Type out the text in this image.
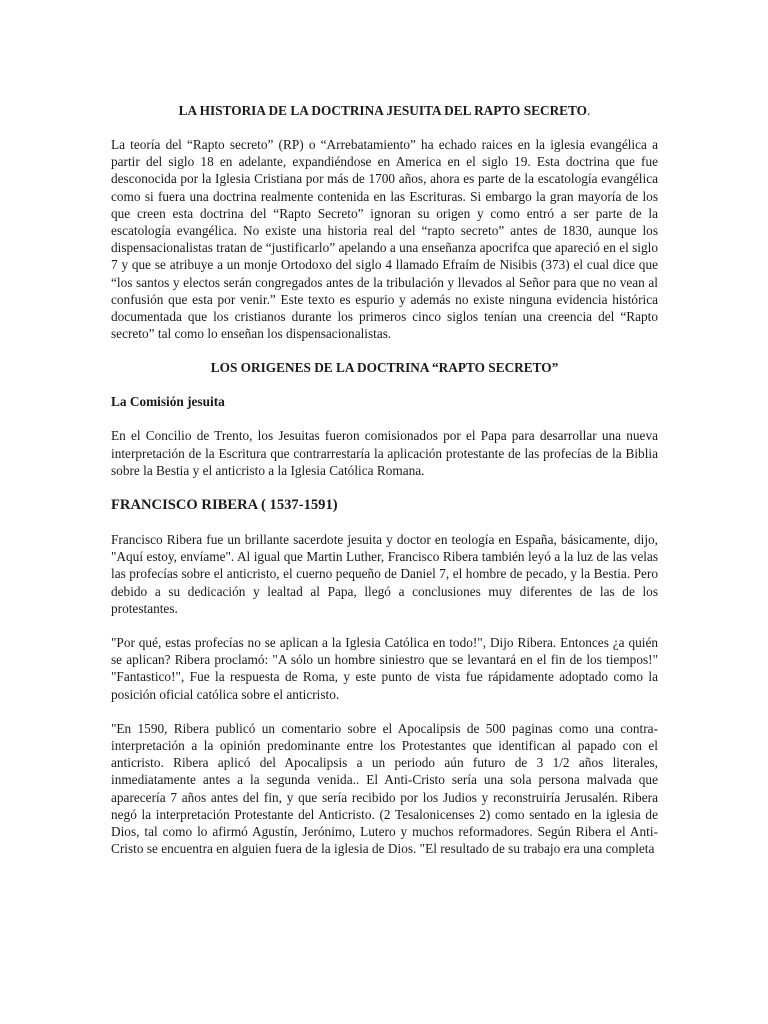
LA HISTORIA DE LA DOCTRINA JESUITA DEL RAPTO SECRETO.

La teoría del “Rapto secreto” (RP) o “Arrebatamiento” ha echado raices en la iglesia evangélica a partir del siglo 18 en adelante, expandiéndose en America en el siglo 19. Esta doctrina que fue desconocida por la Iglesia Cristiana por más de 1700 años, ahora es parte de la escatología evangélica como si fuera una doctrina realmente contenida en las Escrituras. Si embargo la gran mayoría de los que creen esta doctrina del “Rapto Secreto” ignoran su origen y como entró a ser parte de la escatología evangélica. No existe una historia real del “rapto secreto” antes de 1830, aunque los dispensacionalistas tratan de “justificarlo” apelando a una enseñanza apocrifca que apareció en el siglo 7 y que se atribuye a un monje Ortodoxo del siglo 4 llamado Efraím de Nisibis (373) el cual dice que “los santos y electos serán congregados antes de la tribulación y llevados al Señor para que no vean al confusión que esta por venir.” Este texto es espurio y además no existe ninguna evidencia histórica documentada que los cristianos durante los primeros cinco siglos tenían una creencia del “Rapto secreto” tal como lo enseñan los dispensacionalistas.

LOS ORIGENES DE LA DOCTRINA “RAPTO SECRETO”

La Comisión jesuita

En el Concilio de Trento, los Jesuitas fueron comisionados por el Papa para desarrollar una nueva interpretación de la Escritura que contrarrestaría la aplicación protestante de las profecías de la Biblia sobre la Bestia y el anticristo a la Iglesia Católica Romana.

FRANCISCO RIBERA ( 1537-1591)

Francisco Ribera fue un brillante sacerdote jesuita y doctor en teología en España, básicamente, dijo, "Aquí estoy, envíame". Al igual que Martin Luther, Francisco Ribera también leyó a la luz de las velas las profecías sobre el anticristo, el cuerno pequeño de Daniel 7, el hombre de pecado, y la Bestia. Pero debido a su dedicación y lealtad al Papa, llegó a conclusiones muy diferentes de las de los protestantes.

"Por qué, estas profecías no se aplican a la Iglesia Católica en todo!", Dijo Ribera. Entonces ¿a quién se aplican? Ribera proclamó: "A sólo un hombre siniestro que se levantará en el fin de los tiempos!" "Fantastico!", Fue la respuesta de Roma, y este punto de vista fue rápidamente adoptado como la posición oficial católica sobre el anticristo.

"En 1590, Ribera publicó un comentario sobre el Apocalipsis de 500 paginas como una contra-interpretación a la opinión predominante entre los Protestantes que identifican al papado con el anticristo. Ribera aplicó del Apocalipsis a un periodo aún futuro de 3 1/2 años literales, inmediatamente antes a la segunda venida.. El Anti-Cristo sería una sola persona malvada que aparecería 7 años antes del fin, y que sería recibido por los Judios y reconstruiría Jerusalén. Ribera negó la interpretación Protestante del Anticristo. (2 Tesalonicenses 2) como sentado en la iglesia de Dios, tal como lo afirmó Agustín, Jerónimo, Lutero y muchos reformadores. Según Ribera el Anti-Cristo se encuentra en alguien fuera de la iglesia de Dios. "El resultado de su trabajo era una completa
